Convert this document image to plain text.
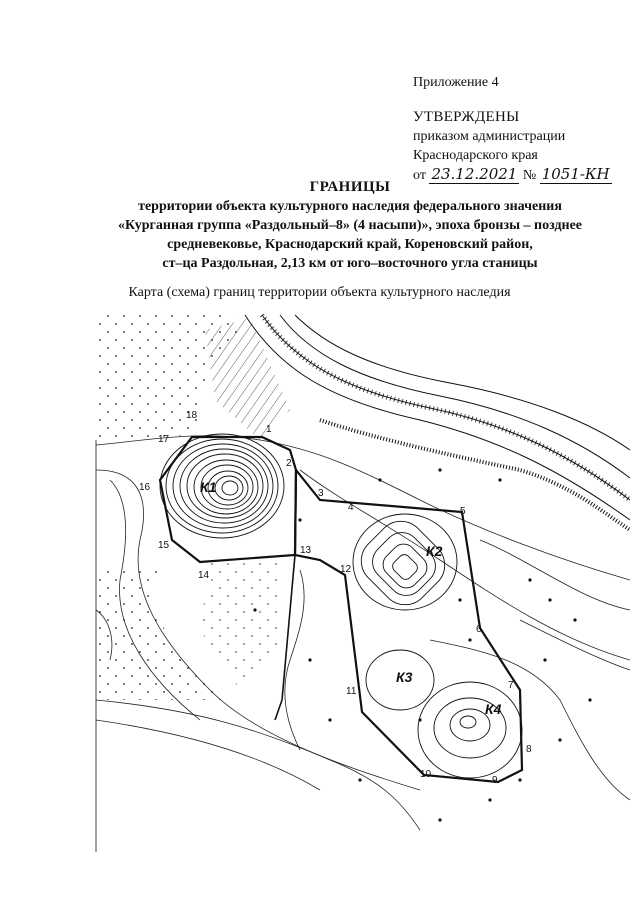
Приложение 4
УТВЕРЖДЕНЫ
приказом администрации
Краснодарского края
от 23.12.2021 № 1051-КН
ГРАНИЦЫ
территории объекта культурного наследия федерального значения
«Курганная группа «Раздольный–8» (4 насыпи)», эпоха бронзы – позднее
средневековье, Краснодарский край, Кореновский район,
ст–ца Раздольная, 2,13 км от юго–восточного угла станицы
Карта (схема) границ территории объекта культурного наследия
К1
К2
К3
К4
1
2
3
4	5
6
7
8
9
10
11
12
13
14
15
16
17
18
